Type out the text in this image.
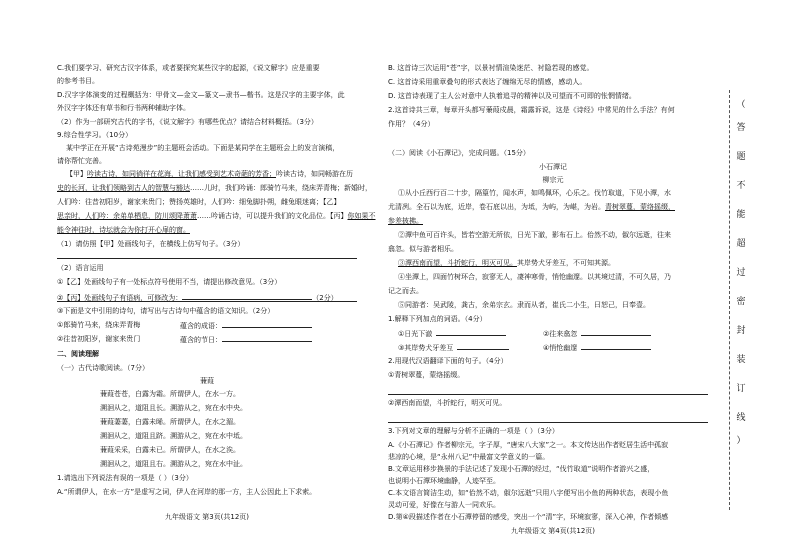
C.我们要学习、研究古汉字体系，或者要探究某些汉字的起源，《说文解字》应是重要
的参考书目。
D.汉字字体演变的过程概括为：甲骨文—金文—篆文—隶书—楷书。这是汉字的主要字体，此
外汉字字体还有草书和行书两种辅助字体。
（2）作为一部研究古代的字书，《说文解字》有哪些优点？请结合材料概括。（3分）
9.综合性学习。（10分）
某中学正在开展“古诗苑漫步”的主题班会活动。下面是某同学在主题班会上的发言演稿，
请你帮忙完善。
【甲】吟读古诗，如同徜徉在花海，让我们感受到艺术奇葩的芳香；吟读古诗，如同畅游在历
史的长河，让我们领略到古人的智慧与豁达……儿时，我们吟诵：郎骑竹马来，绕床弄青梅；新婚时，
人们吟：往昔初阳岁，谢家来贵门；赞扬英雄时，人们吟：细兔脚扑朔，雌兔眼迷离；【乙】
思亲时，人们吟：余弟单栖息，防川颂降萧萧……吟诵古诗，可以提升我们的文化品位。【丙】你如果不
能令神往时，诗坛就会为你打开心扉的窗。
（1）请仿照【甲】处画线句子，在横线上仿写句子。（3分）
（2）语言运用
①【乙】处画线句子有一处标点符号使用不当，请提出修改意见。（3分）
②【丙】处画线句子有语病，可修改为：	（2分）
③下面是文中引用的诗句，请写出与古诗句中蕴含的语文知识。（2分）
①郎骑竹马来，绕床弄青梅	蕴含的成语：
②往昔初阳岁，谢家来贵门	蕴含的节日：
二、阅读理解
（一）古代诗歌阅读。（7分）
蒹葭
蒹葭苍苍，白露为霜。所谓伊人，在水一方。
溯洄从之，道阻且长。溯游从之，宛在水中央。
蒹葭萋萋，白露未晞。所谓伊人，在水之湄。
溯洄从之，道阻且跻。溯游从之，宛在水中坻。
蒹葭采采，白露未已。所谓伊人，在水之涘。
溯洄从之，道阻且右。溯游从之，宛在水中沚。
1.请选出下列说法有误的一项是（ ）（3分）
A.“所谓伊人，在水一方”是虚写之词，伊人在河岸的那一方，主人公因此上下求索。
九年级语文 第3页(共12页)
B. 这首诗三次运用“苍”字，以景衬情渲染迷茫、衬隐若现的感觉。
C. 这首诗采用重章叠句的形式表达了缠绵无尽的情感，感动人。
D. 这首诗表现了主人公对意中人执着追寻的精神以及可望而不可即的怅惘情绪。
2.这首诗共三章，每章开头都写蒹葭戍晨，霜露诉说，这是《诗经》中常见的什么手法？有何
作用？（4分）
（二）阅读《小石潭记》，完成问题。（15分）
小石潭记
柳宗元
①从小丘西行百二十步，隔篁竹，闻水声，如鸣佩环，心乐之。伐竹取道，下见小潭，水
尤清冽。全石以为底，近岸，卷石底以出，为坻，为屿，为嵁，为岩。青树翠蔓，蒙络摇缀，
参差披拂。
②潭中鱼可百许头，皆若空游无所依，日光下澈，影布石上。佁然不动，俶尔远逝，往来
翕忽。似与游者相乐。
③潭西南而望，斗折蛇行，明灭可见。其岸势犬牙差互，不可知其源。
④坐潭上，四面竹树环合，寂寥无人，凄神寒骨，悄怆幽邃。以其境过清，不可久居，乃
记之而去。
⑤同游者：吴武陵，龚古，余弟宗玄。隶而从者，崔氏二小生，曰恕己，曰奉壹。
1.解释下列加点的词语。（4分）
①日光下澈	②往来翕忽
③其岸势犬牙差互	④悄怆幽邃
2.用现代汉语翻译下面的句子。（4分）
①青树翠蔓，蒙络摇缀。
②潭西南而望，斗折蛇行，明灭可见。
3.下列对文章的理解与分析不正确的一项是（ ）（3分）
A.《小石潭记》作者柳宗元，字子厚，“唐宋八大家”之一。本文传达出作者贬居生活中孤寂
悲凉的心境，是“永州八记”中最富文学意义的一篇。
B.文章运用移步换景的手法记述了发现小石潭的经过，“伐竹取道”说明作者游兴之盛，
也说明小石潭环境幽静，人迹罕至。
C.本文语言简洁生动，如“佁然不动，俶尔远逝”只用八字便写出小鱼的两种状态，表现小鱼
灵动可爱，好像在与游人一同欢乐。
D.第④段描述作者在小石潭停留的感受，突出一个“清”字，环境寂寥，深入心神，作者倾感
九年级语文 第4页(共12页)
（
答
题
不
能
超
过
密
封
装
订
线
）
